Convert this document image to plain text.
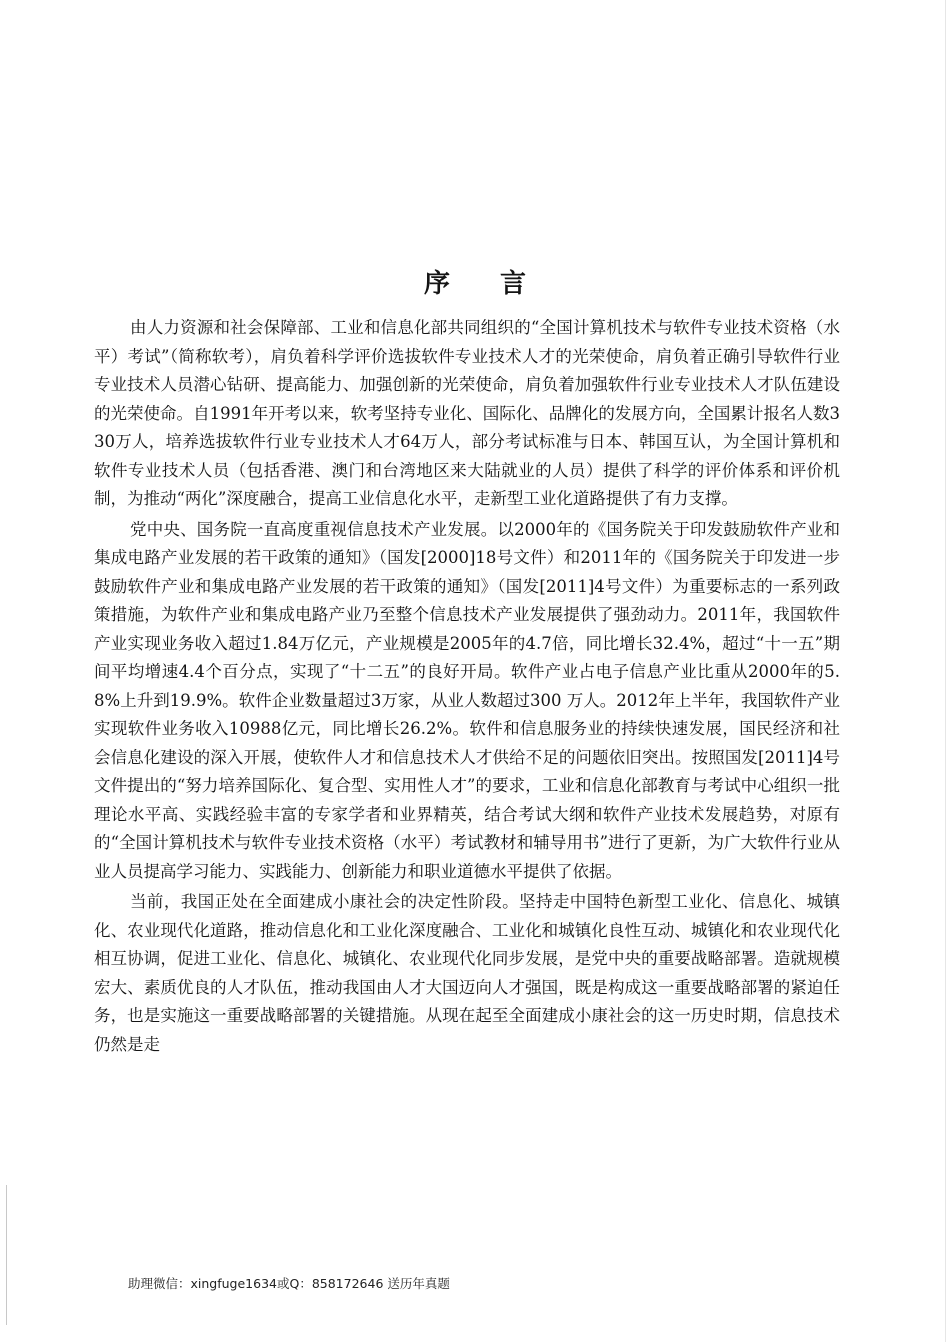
序言

由人力资源和社会保障部、工业和信息化部共同组织的“全国计算机技术与软件专业技术资格（水平）考试”（简称软考），肩负着科学评价选拔软件专业技术人才的光荣使命，肩负着正确引导软件行业专业技术人员潜心钻研、提高能力、加强创新的光荣使命，肩负着加强软件行业专业技术人才队伍建设的光荣使命。自1991年开考以来，软考坚持专业化、国际化、品牌化的发展方向，全国累计报名人数330万人，培养选拔软件行业专业技术人才64万人，部分考试标准与日本、韩国互认，为全国计算机和软件专业技术人员（包括香港、澳门和台湾地区来大陆就业的人员）提供了科学的评价体系和评价机制，为推动“两化”深度融合，提高工业信息化水平，走新型工业化道路提供了有力支撑。

党中央、国务院一直高度重视信息技术产业发展。以2000年的《国务院关于印发鼓励软件产业和集成电路产业发展的若干政策的通知》（国发[2000]18号文件）和2011年的《国务院关于印发进一步鼓励软件产业和集成电路产业发展的若干政策的通知》（国发[2011]4号文件）为重要标志的一系列政策措施，为软件产业和集成电路产业乃至整个信息技术产业发展提供了强劲动力。2011年，我国软件产业实现业务收入超过1.84万亿元，产业规模是2005年的4.7倍，同比增长32.4%，超过“十一五”期间平均增速4.4个百分点，实现了“十二五”的良好开局。软件产业占电子信息产业比重从2000年的5.8%上升到19.9%。软件企业数量超过3万家，从业人数超过300 万人。2012年上半年，我国软件产业实现软件业务收入10988亿元，同比增长26.2%。软件和信息服务业的持续快速发展，国民经济和社会信息化建设的深入开展，使软件人才和信息技术人才供给不足的问题依旧突出。按照国发[2011]4号文件提出的“努力培养国际化、复合型、实用性人才”的要求，工业和信息化部教育与考试中心组织一批理论水平高、实践经验丰富的专家学者和业界精英，结合考试大纲和软件产业技术发展趋势，对原有的“全国计算机技术与软件专业技术资格（水平）考试教材和辅导用书”进行了更新，为广大软件行业从业人员提高学习能力、实践能力、创新能力和职业道德水平提供了依据。

当前，我国正处在全面建成小康社会的决定性阶段。坚持走中国特色新型工业化、信息化、城镇化、农业现代化道路，推动信息化和工业化深度融合、工业化和城镇化良性互动、城镇化和农业现代化相互协调，促进工业化、信息化、城镇化、农业现代化同步发展，是党中央的重要战略部署。造就规模宏大、素质优良的人才队伍，推动我国由人才大国迈向人才强国，既是构成这一重要战略部署的紧迫任务，也是实施这一重要战略部署的关键措施。从现在起至全面建成小康社会的这一历史时期，信息技术仍然是走

助理微信：xingfuge1634或Q：858172646 送历年真题
